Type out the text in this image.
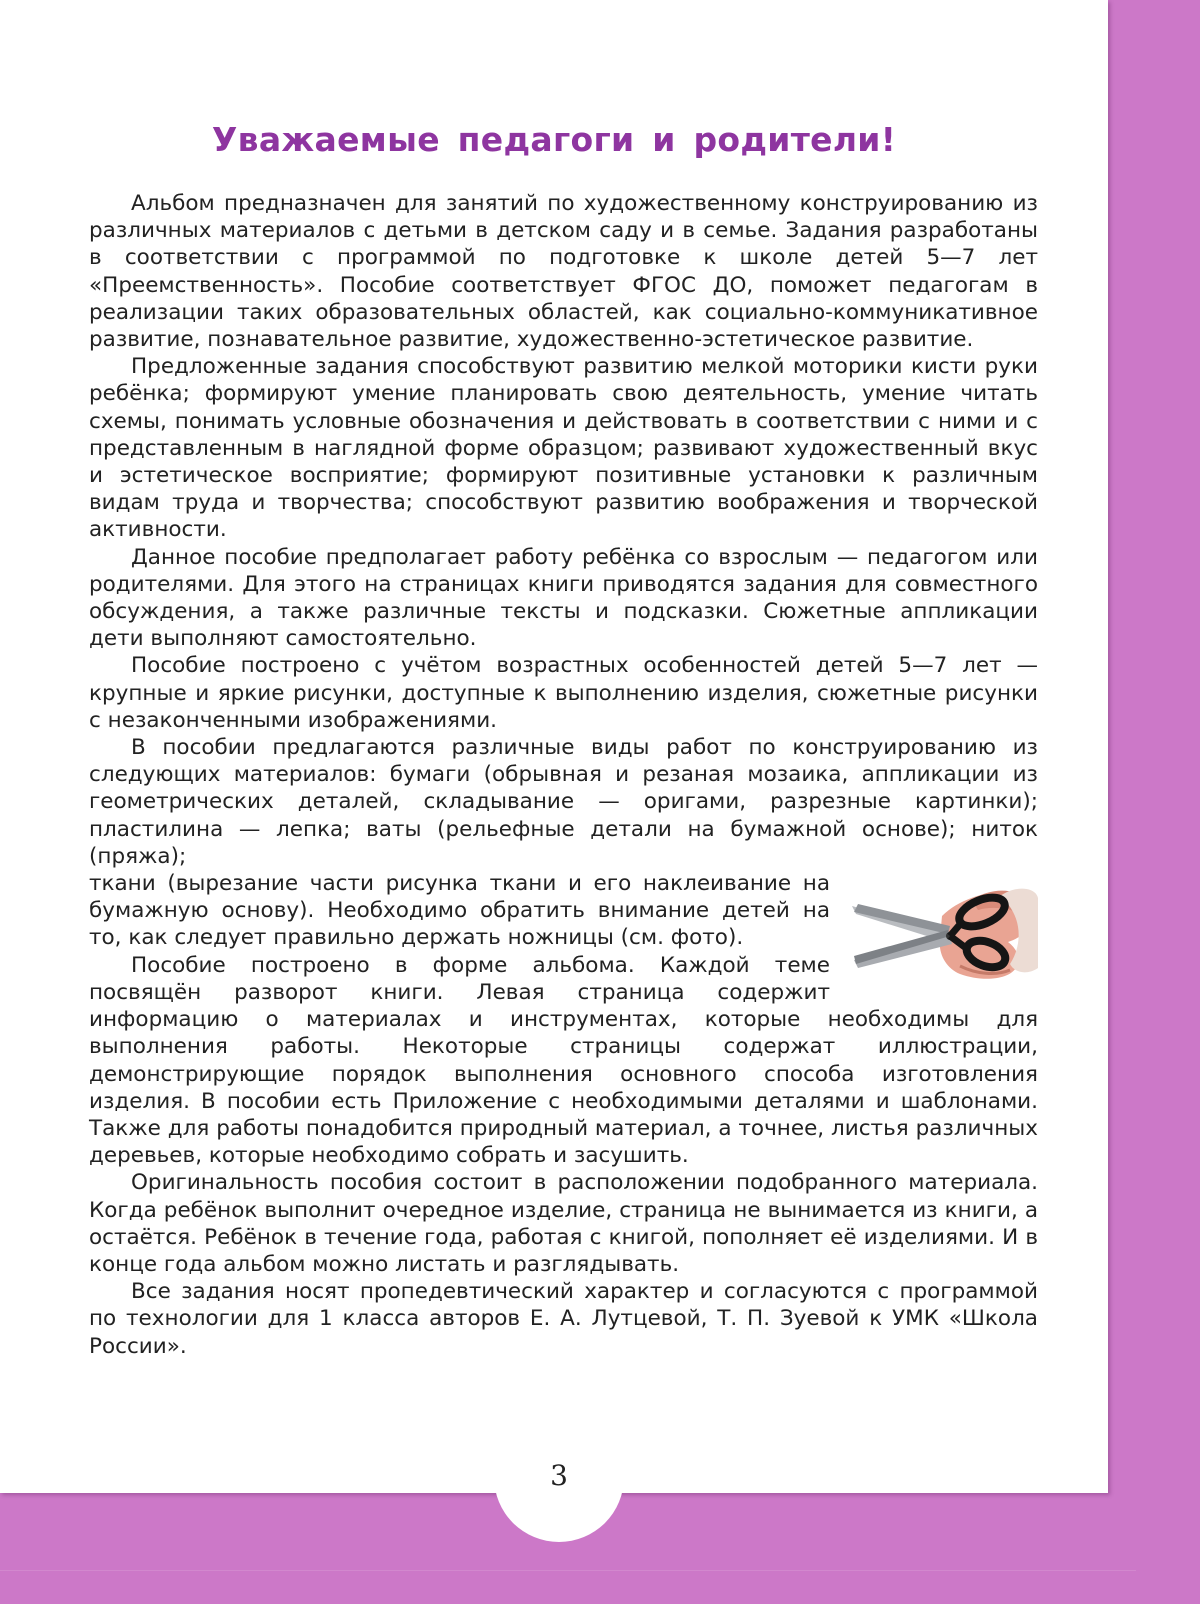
Уважаемые педагоги и родители!

Альбом предназначен для занятий по художественному конструированию из различных материалов с детьми в детском саду и в семье. Задания разработаны в соответствии с программой по подготовке к школе детей 5—7 лет «Преемственность». Пособие соответствует ФГОС ДО, поможет педагогам в реализации таких образовательных областей, как социально-коммуникативное развитие, познавательное развитие, художественно-эстетическое развитие.

Предложенные задания способствуют развитию мелкой моторики кисти руки ребёнка; формируют умение планировать свою деятельность, умение читать схемы, понимать условные обозначения и действовать в соответствии с ними и с представленным в наглядной форме образцом; развивают художественный вкус и эстетическое восприятие; формируют позитивные установки к различным видам труда и творчества; способствуют развитию воображения и творческой активности.

Данное пособие предполагает работу ребёнка со взрослым — педагогом или родителями. Для этого на страницах книги приводятся задания для совместного обсуждения, а также различные тексты и подсказки. Сюжетные аппликации дети выполняют самостоятельно.

Пособие построено с учётом возрастных особенностей детей 5—7 лет — крупные и яркие рисунки, доступные к выполнению изделия, сюжетные рисунки с незаконченными изображениями.

В пособии предлагаются различные виды работ по конструированию из следующих материалов: бумаги (обрывная и резаная мозаика, аппликации из геометрических деталей, складывание — оригами, разрезные картинки); пластилина — лепка; ваты (рельефные детали на бумажной основе); ниток (пряжа);

ткани (вырезание части рисунка ткани и его наклеивание на бумажную основу). Необходимо обратить внимание детей на то, как следует правильно держать ножницы (см. фото).

Пособие построено в форме альбома. Каждой теме посвящён разворот книги. Левая страница содержит информацию о материалах и инструментах, которые необходимы для выполнения работы. Некоторые страницы содержат иллюстрации, демонстрирующие порядок выполнения основного способа изготовления изделия. В пособии есть Приложение с необходимыми деталями и шаблонами. Также для работы понадобится природный материал, а точнее, листья различных деревьев, которые необходимо собрать и засушить.

Оригинальность пособия состоит в расположении подобранного материала. Когда ребёнок выполнит очередное изделие, страница не вынимается из книги, а остаётся. Ребёнок в течение года, работая с книгой, пополняет её изделиями. И в конце года альбом можно листать и разглядывать.

Все задания носят пропедевтический характер и согласуются с программой по технологии для 1 класса авторов Е. А. Лутцевой, Т. П. Зуевой к УМК «Школа России».

3
